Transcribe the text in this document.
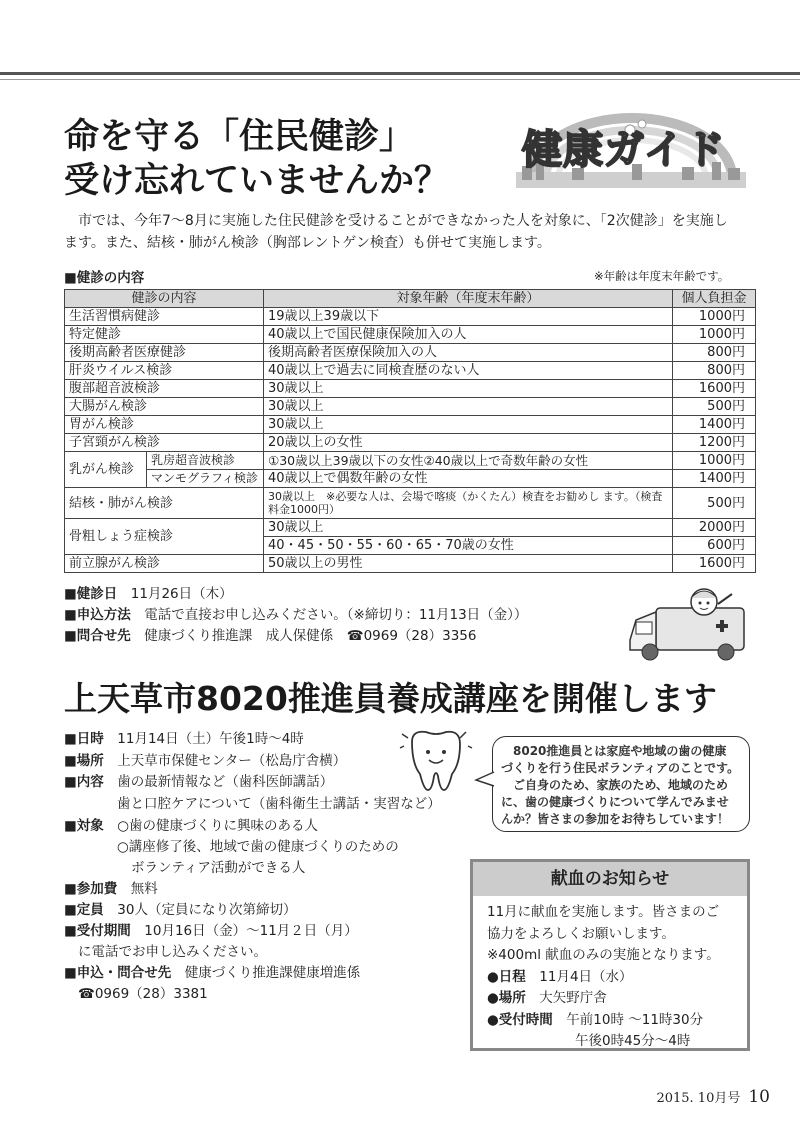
命を守る「住民健診」
受け忘れていませんか？
健康ガイド

市では、今年7～8月に実施した住民健診を受けることができなかった人を対象に、「2次健診」を実施し

ます。また、結核・肺がん検診（胸部レントゲン検査）も併せて実施します。

■健診の内容	※年齢は年度末年齢です。
健診の内容		対象年齢（年度末年齢）	個人負担金
生活習慣病健診		19歳以上39歳以下	1000円
特定健診		40歳以上で国民健康保険加入の人	1000円
後期高齢者医療健診		後期高齢者医療保険加入の人	800円
肝炎ウイルス検診		40歳以上で過去に同検査歴のない人	800円
腹部超音波検診		30歳以上	1600円
大腸がん検診		30歳以上	500円
胃がん検診		30歳以上	1400円
子宮頸がん検診		20歳以上の女性	1200円
乳がん検診	乳房超音波検診	①30歳以上39歳以下の女性②40歳以上で奇数年齢の女性	1000円
	マンモグラフィ検診	40歳以上で偶数年齢の女性	1400円
結核・肺がん検診		30歳以上　※必要な人は、会場で喀痰（かくたん）検査をお勧めし ます。（検査料金1000円）	500円
骨粗しょう症検診		30歳以上	2000円
		40・45・50・55・60・65・70歳の女性	600円
前立腺がん検診		50歳以上の男性	1600円
■健診日　 11月26日（木）
■申込方法　 電話で直接お申し込みください。（※締切り：11月13日（金））
■問合せ先　 健康づくり推進課　成人保健係　☎0969（28）3356
上天草市8020推進員養成講座を開催します
■日時　 11月14日（土）午後1時～4時
■場所　 上天草市保健センター（松島庁舎横）
■内容　 歯の最新情報など（歯科医師講話）
歯と口腔ケアについて（歯科衛生士講話・実習など）
■対象　 ○歯の健康づくりに興味のある人
○講座修了後、地域で歯の健康づくりのための
ボランティア活動ができる人
■参加費　 無料
■定員　 30人（定員になり次第締切）
■受付期間　 10月16日（金）～11月２日（月）
に電話でお申し込みください。
■申込・問合せ先　 健康づくり推進課健康増進係
☎0969（28）3381
8020推進員とは家庭や地域の歯の健康
づくりを行う住民ボランティアのことです。
ご自身のため、家族のため、地域のため
に、歯の健康づくりについて学んでみませ
んか？皆さまの参加をお待ちしています！
献血のお知らせ
11月に献血を実施します。皆さまのご
協力をよろしくお願いします。
※400ml 献血のみの実施となります。
●日程　 11月4日（水）
●場所　 大矢野庁舎
●受付時間　 午前10時 ～11時30分
午後0時45分～4時
2015. 10月号 10
